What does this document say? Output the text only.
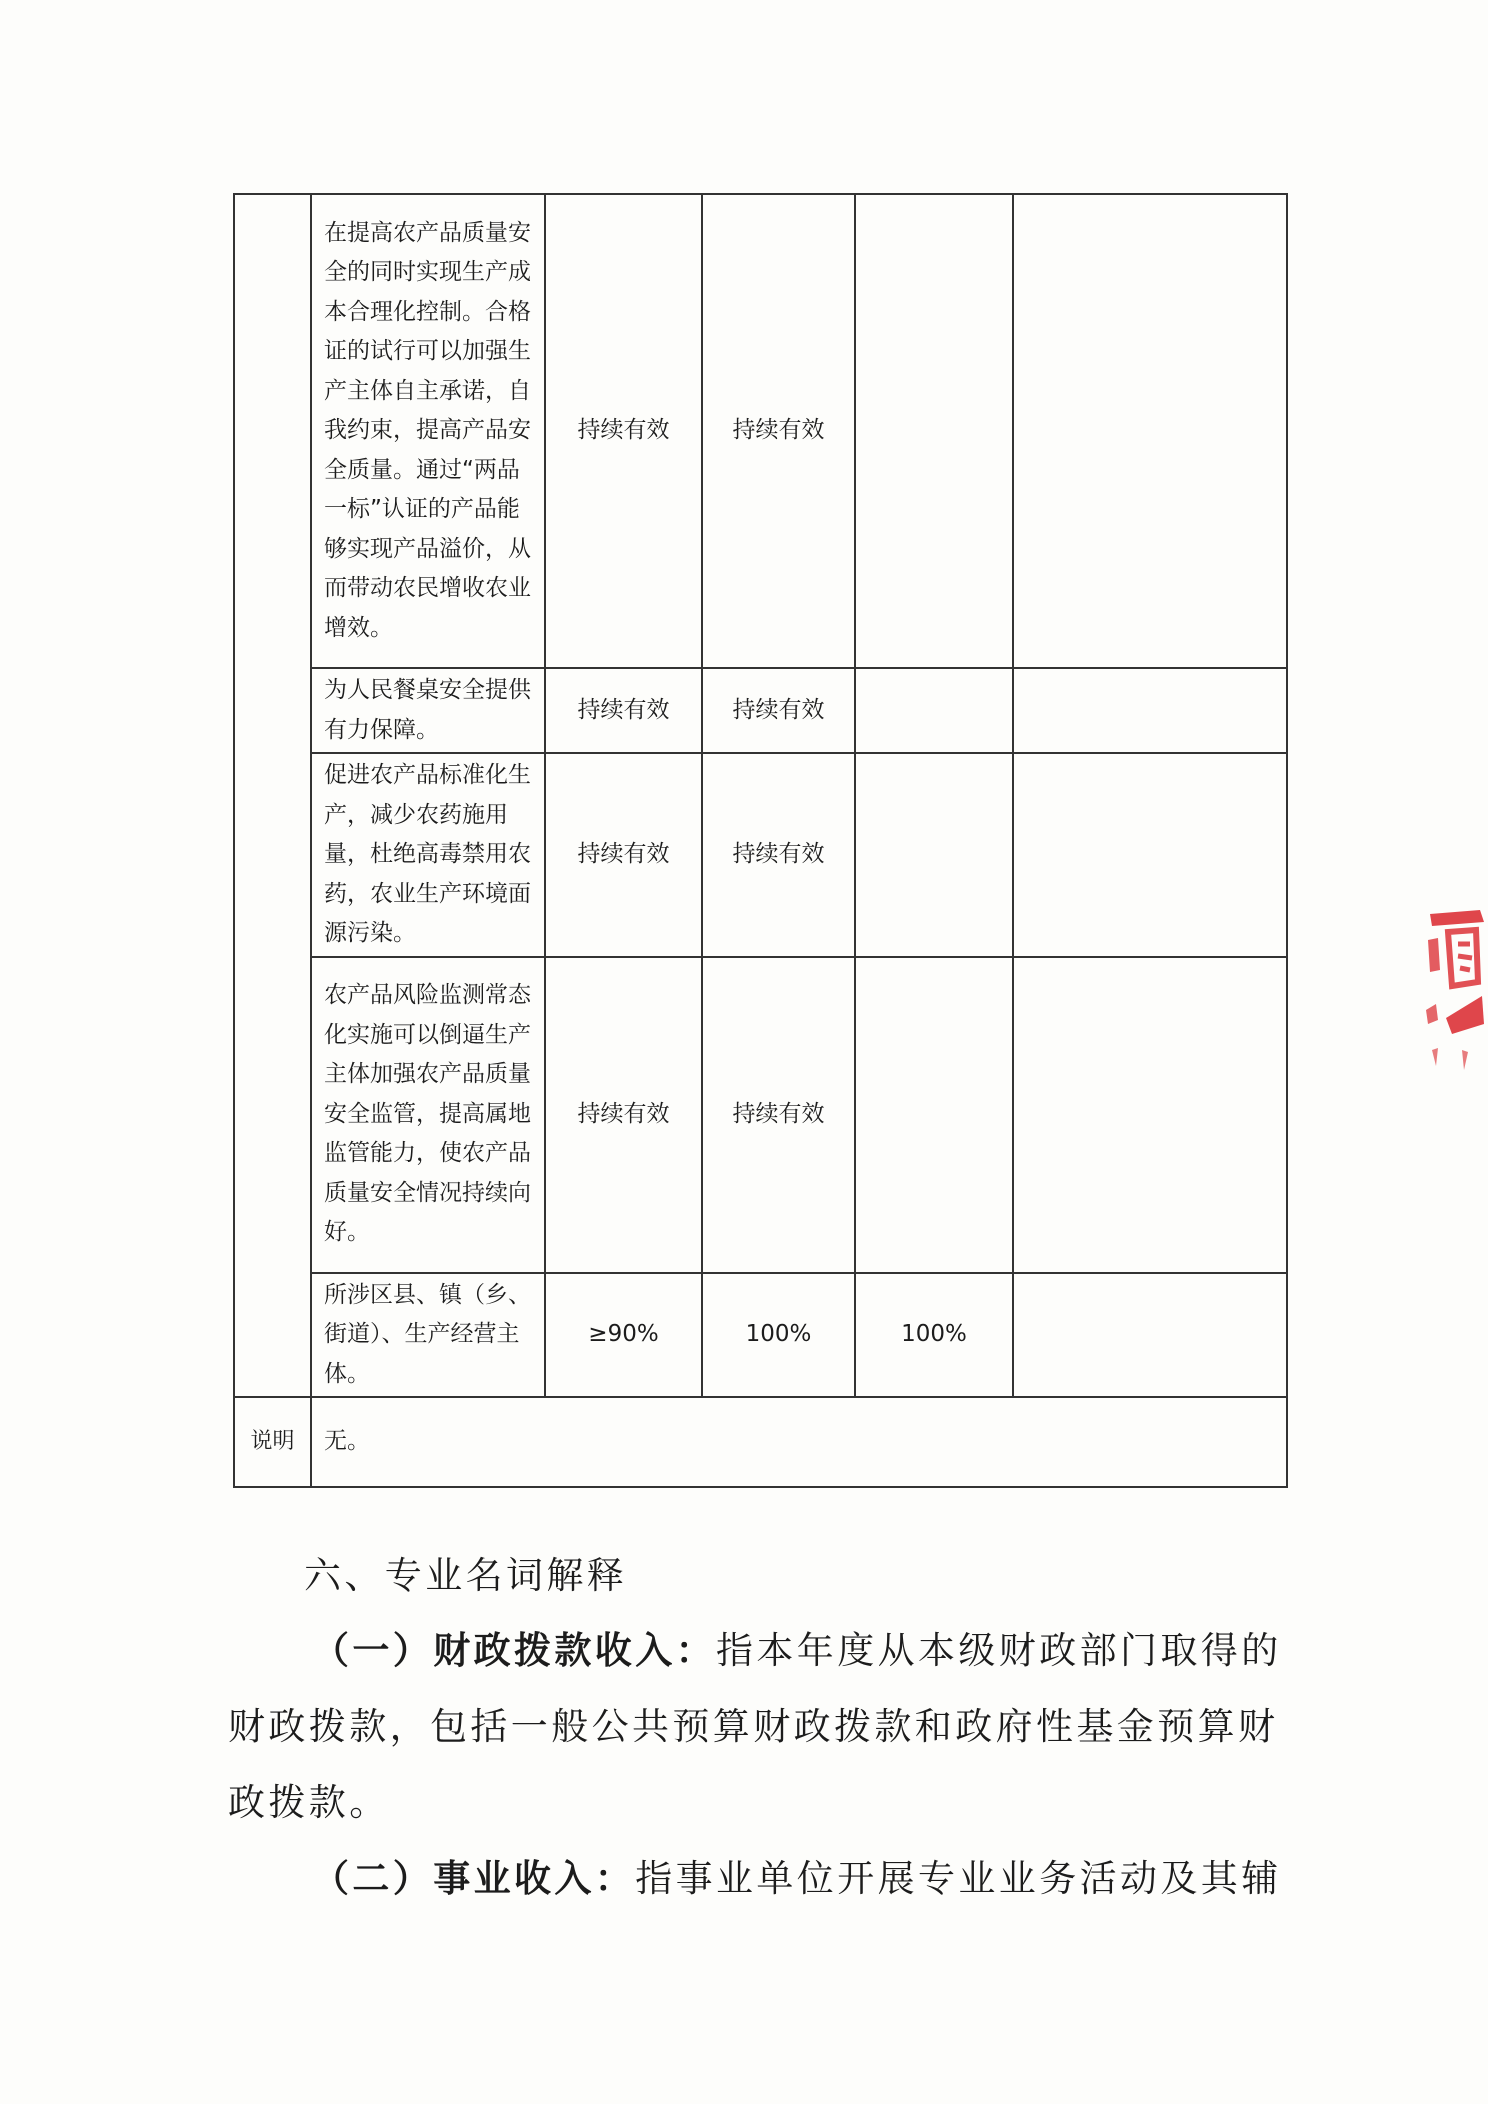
	在提高农产品质量安全的同时实现生产成本合理化控制。合格证的试行可以加强生产主体自主承诺，自我约束，提高产品安全质量。通过“两品一标”认证的产品能够实现产品溢价，从而带动农民增收农业增效。	持续有效	持续有效		
	为人民餐桌安全提供有力保障。	持续有效	持续有效		
	促进农产品标准化生产，减少农药施用量，杜绝高毒禁用农药，农业生产环境面源污染。	持续有效	持续有效		
	农产品风险监测常态化实施可以倒逼生产主体加强农产品质量安全监管，提高属地监管能力，使农产品质量安全情况持续向好。	持续有效	持续有效		
	所涉区县、镇（乡、街道）、生产经营主体。	≥90%	100%	100%	
说明	无。				

六、专业名词解释

（一）财政拨款收入：指本年度从本级财政部门取得的

财政拨款，包括一般公共预算财政拨款和政府性基金预算财

政拨款。

（二）事业收入：指事业单位开展专业业务活动及其辅
